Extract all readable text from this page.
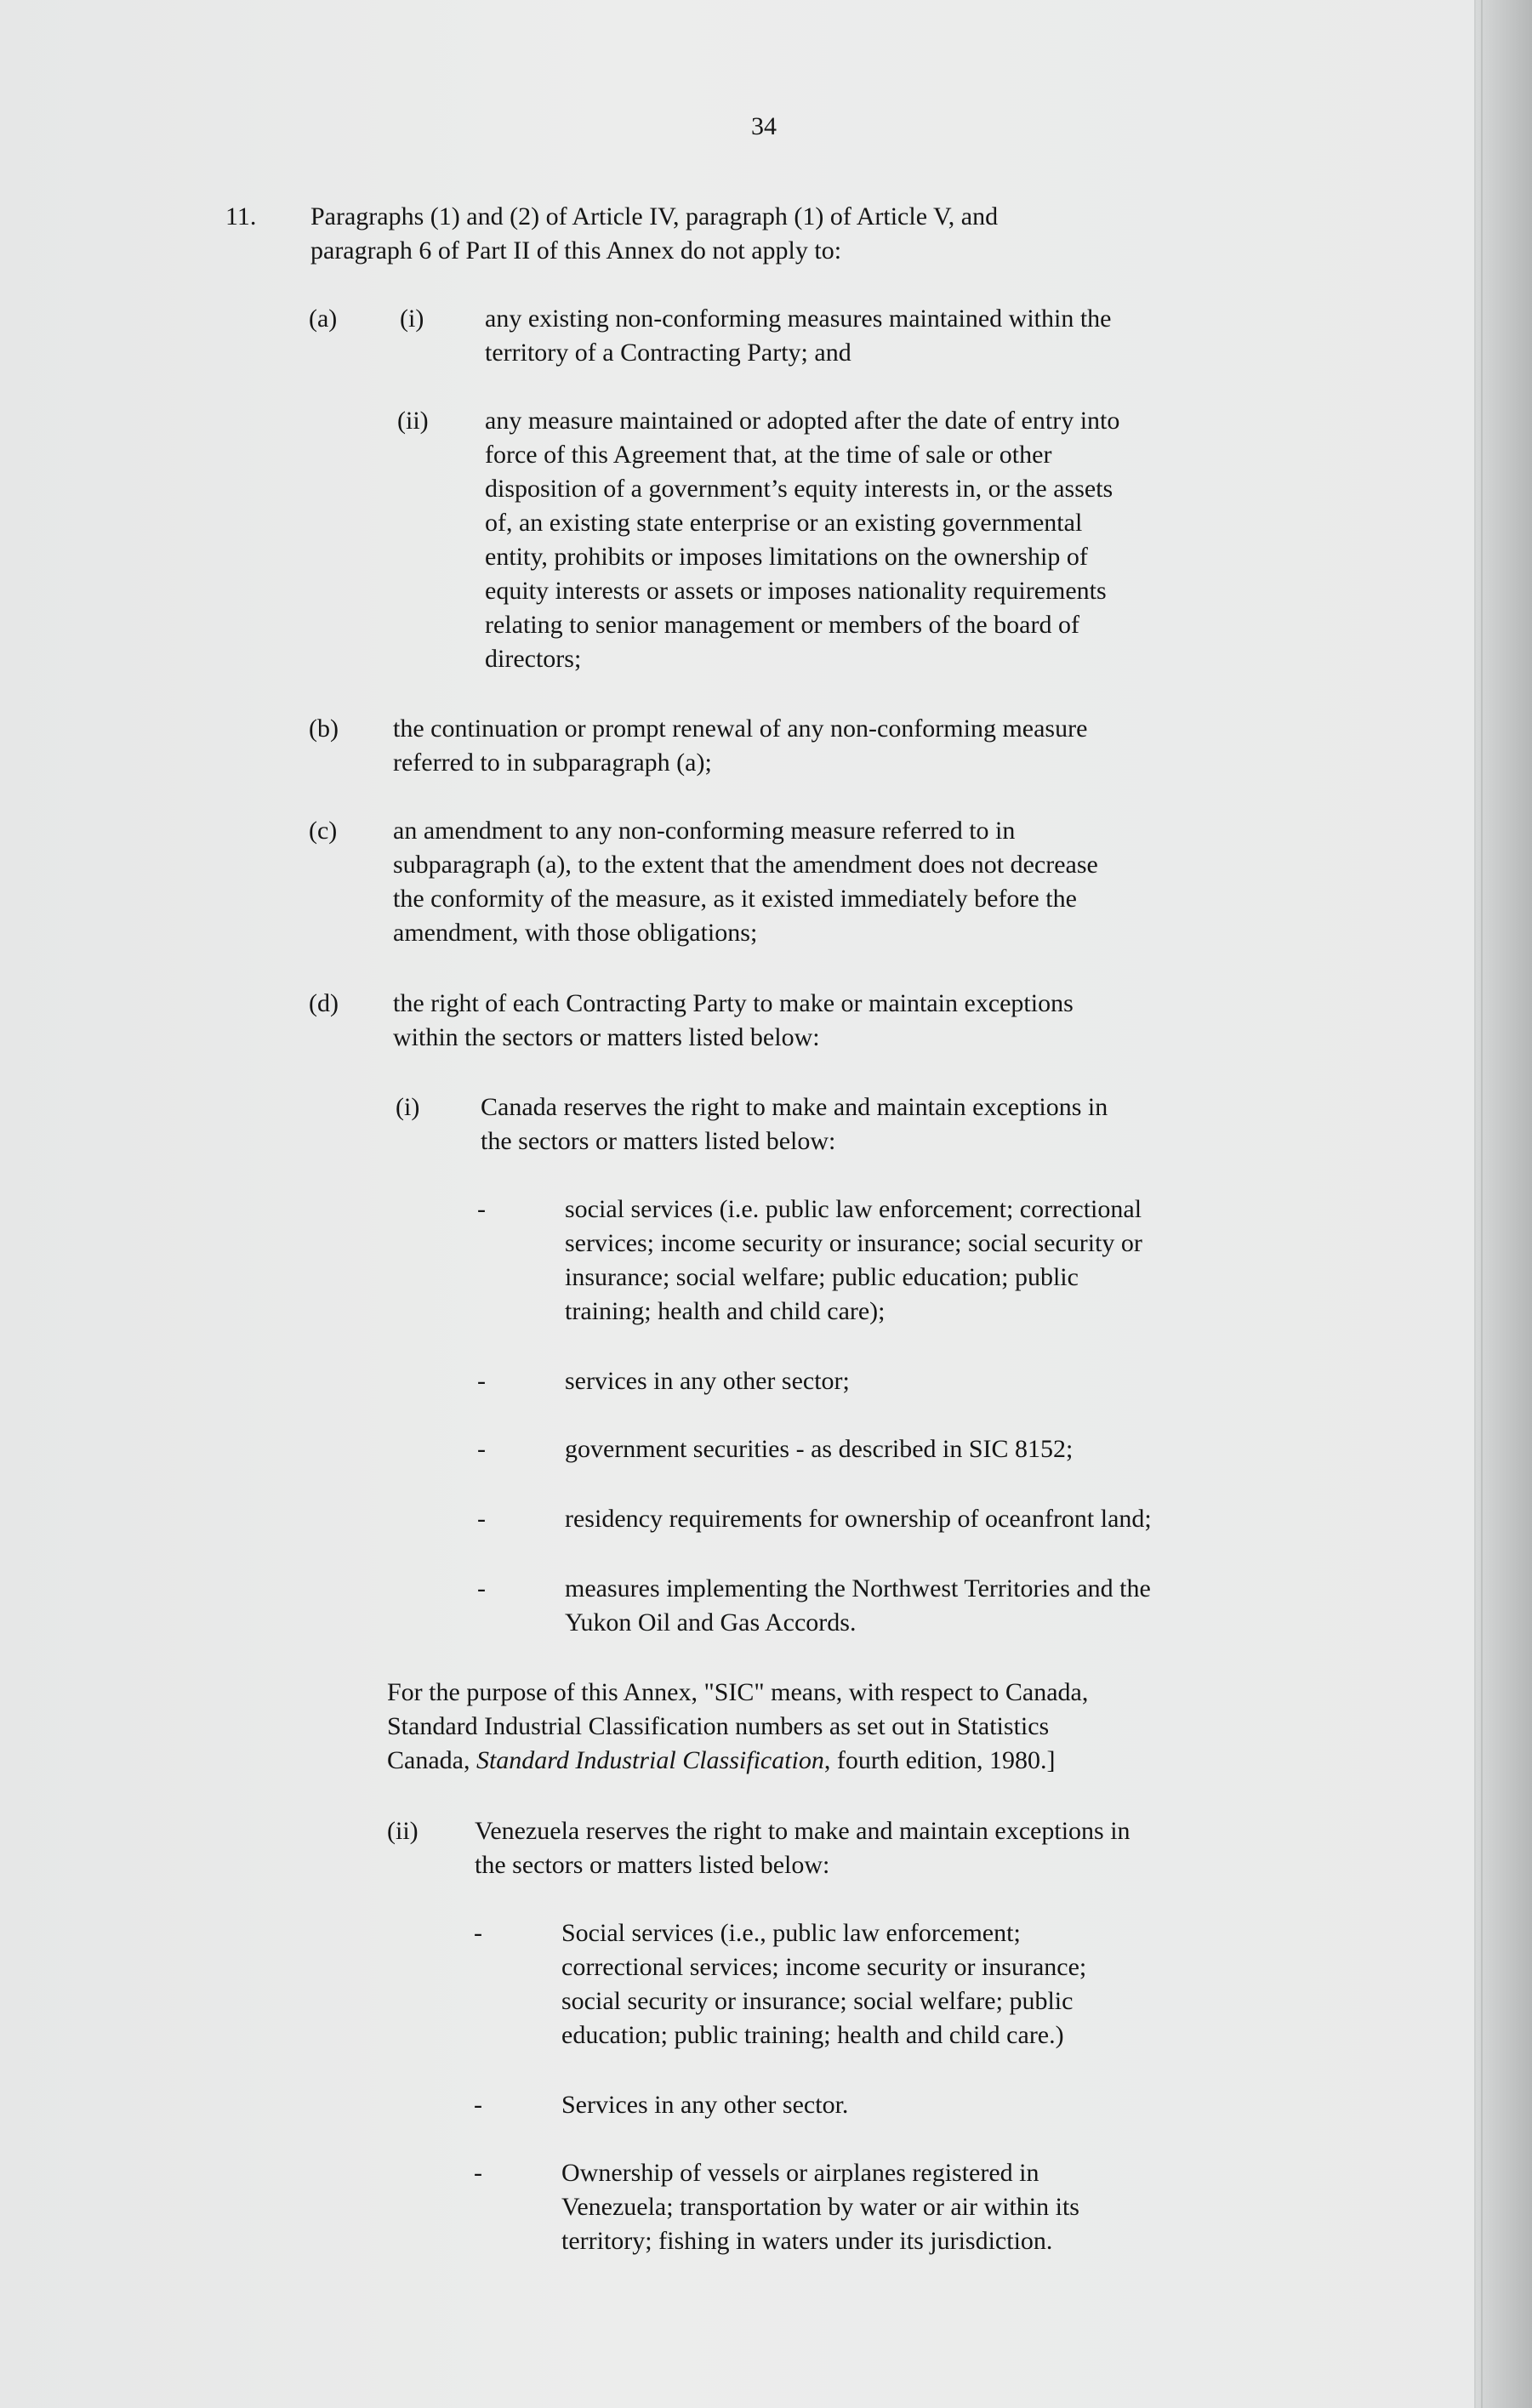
34
11. Paragraphs (1) and (2) of Article IV, paragraph (1) of Article V, and
paragraph 6 of Part II of this Annex do not apply to:
(a) (i) any existing non-conforming measures maintained within the
territory of a Contracting Party; and
(ii) any measure maintained or adopted after the date of entry into
force of this Agreement that, at the time of sale or other
disposition of a government’s equity interests in, or the assets
of, an existing state enterprise or an existing governmental
entity, prohibits or imposes limitations on the ownership of
equity interests or assets or imposes nationality requirements
relating to senior management or members of the board of
directors;
(b) the continuation or prompt renewal of any non-conforming measure
referred to in subparagraph (a);
(c) an amendment to any non-conforming measure referred to in
subparagraph (a), to the extent that the amendment does not decrease
the conformity of the measure, as it existed immediately before the
amendment, with those obligations;
(d) the right of each Contracting Party to make or maintain exceptions
within the sectors or matters listed below:
(i) Canada reserves the right to make and maintain exceptions in
the sectors or matters listed below:
-	social services (i.e. public law enforcement; correctional
services; income security or insurance; social security or
insurance; social welfare; public education; public
training; health and child care);
-	services in any other sector;
-	government securities - as described in SIC 8152;
-	residency requirements for ownership of oceanfront land;
-	measures implementing the Northwest Territories and the
Yukon Oil and Gas Accords.
For the purpose of this Annex, "SIC" means, with respect to Canada,
Standard Industrial Classification numbers as set out in Statistics
Canada, Standard Industrial Classification, fourth edition, 1980.]
(ii) Venezuela reserves the right to make and maintain exceptions in
the sectors or matters listed below:
-	Social services (i.e., public law enforcement;
correctional services; income security or insurance;
social security or insurance; social welfare; public
education; public training; health and child care.)
-	Services in any other sector.
-	Ownership of vessels or airplanes registered in
Venezuela; transportation by water or air within its
territory; fishing in waters under its jurisdiction.
